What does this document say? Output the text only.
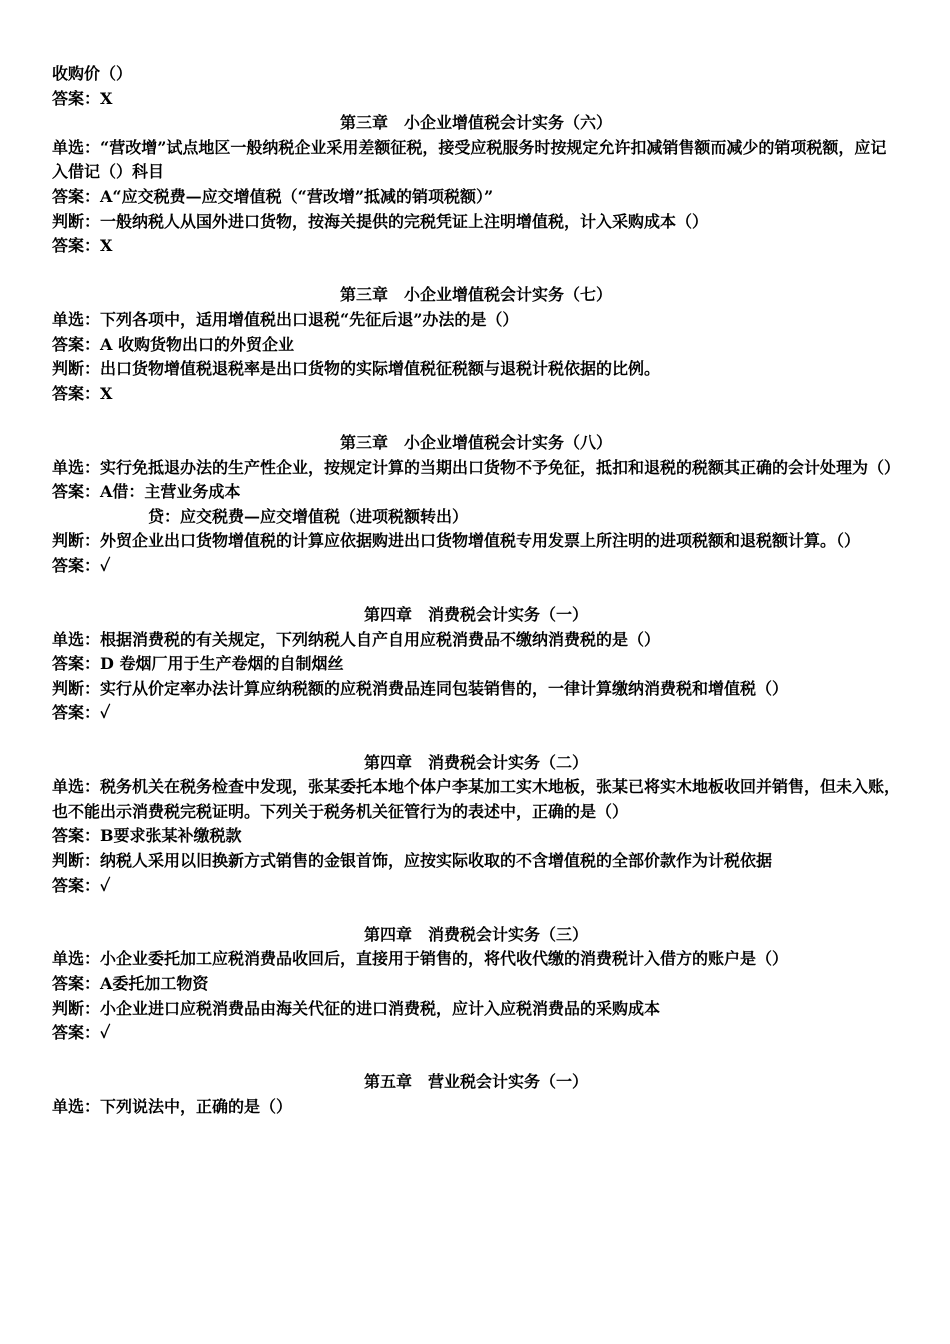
收购价（）

答案：X

第三章　小企业增值税会计实务（六）

单选：“营改增”试点地区一般纳税企业采用差额征税，接受应税服务时按规定允许扣减销售额而减少的销项税额，应记入借记（）科目

答案：A“应交税费—应交增值税（“营改增”抵减的销项税额）”

判断：一般纳税人从国外进口货物，按海关提供的完税凭证上注明增值税，计入采购成本（）

答案：X

第三章　小企业增值税会计实务（七）

单选：下列各项中，适用增值税出口退税“先征后退”办法的是（）

答案：A 收购货物出口的外贸企业

判断：出口货物增值税退税率是出口货物的实际增值税征税额与退税计税依据的比例。

答案：X

第三章　小企业增值税会计实务（八）

单选：实行免抵退办法的生产性企业，按规定计算的当期出口货物不予免征，抵扣和退税的税额其正确的会计处理为（）

答案：A借：主营业务成本

贷：应交税费—应交增值税（进项税额转出）

判断：外贸企业出口货物增值税的计算应依据购进出口货物增值税专用发票上所注明的进项税额和退税额计算。（）

答案：✓

第四章　消费税会计实务（一）

单选：根据消费税的有关规定，下列纳税人自产自用应税消费品不缴纳消费税的是（）

答案：D 卷烟厂用于生产卷烟的自制烟丝

判断：实行从价定率办法计算应纳税额的应税消费品连同包装销售的，一律计算缴纳消费税和增值税（）

答案：✓

第四章　消费税会计实务（二）

单选：税务机关在税务检查中发现，张某委托本地个体户李某加工实木地板，张某已将实木地板收回并销售，但未入账，也不能出示消费税完税证明。下列关于税务机关征管行为的表述中，正确的是（）

答案：B要求张某补缴税款

判断：纳税人采用以旧换新方式销售的金银首饰，应按实际收取的不含增值税的全部价款作为计税依据

答案：✓

第四章　消费税会计实务（三）

单选：小企业委托加工应税消费品收回后，直接用于销售的，将代收代缴的消费税计入借方的账户是（）

答案：A委托加工物资

判断：小企业进口应税消费品由海关代征的进口消费税，应计入应税消费品的采购成本

答案：✓

第五章　营业税会计实务（一）

单选：下列说法中，正确的是（）
